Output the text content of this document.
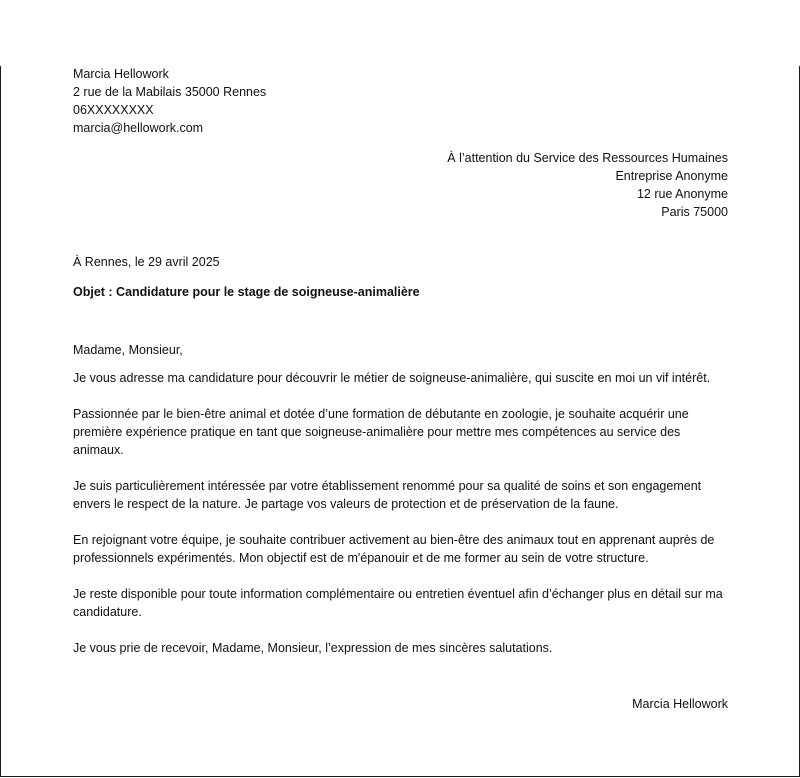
Marcia Hellowork
2 rue de la Mabilais 35000 Rennes
06XXXXXXXX
marcia@hellowork.com
À l’attention du Service des Ressources Humaines
Entreprise Anonyme
12 rue Anonyme
Paris 75000
À Rennes, le 29 avril 2025
Objet : Candidature pour le stage de soigneuse-animalière

Madame, Monsieur,

Je vous adresse ma candidature pour découvrir le métier de soigneuse-animalière, qui suscite en moi un vif intérêt.

Passionnée par le bien-être animal et dotée d’une formation de débutante en zoologie, je souhaite acquérir une première expérience pratique en tant que soigneuse-animalière pour mettre mes compétences au service des animaux.

Je suis particulièrement intéressée par votre établissement renommé pour sa qualité de soins et son engagement envers le respect de la nature. Je partage vos valeurs de protection et de préservation de la faune.

En rejoignant votre équipe, je souhaite contribuer activement au bien-être des animaux tout en apprenant auprès de professionnels expérimentés. Mon objectif est de m'épanouir et de me former au sein de votre structure.

Je reste disponible pour toute information complémentaire ou entretien éventuel afin d’échanger plus en détail sur ma candidature.

Je vous prie de recevoir, Madame, Monsieur, l’expression de mes sincères salutations.

Marcia Hellowork
